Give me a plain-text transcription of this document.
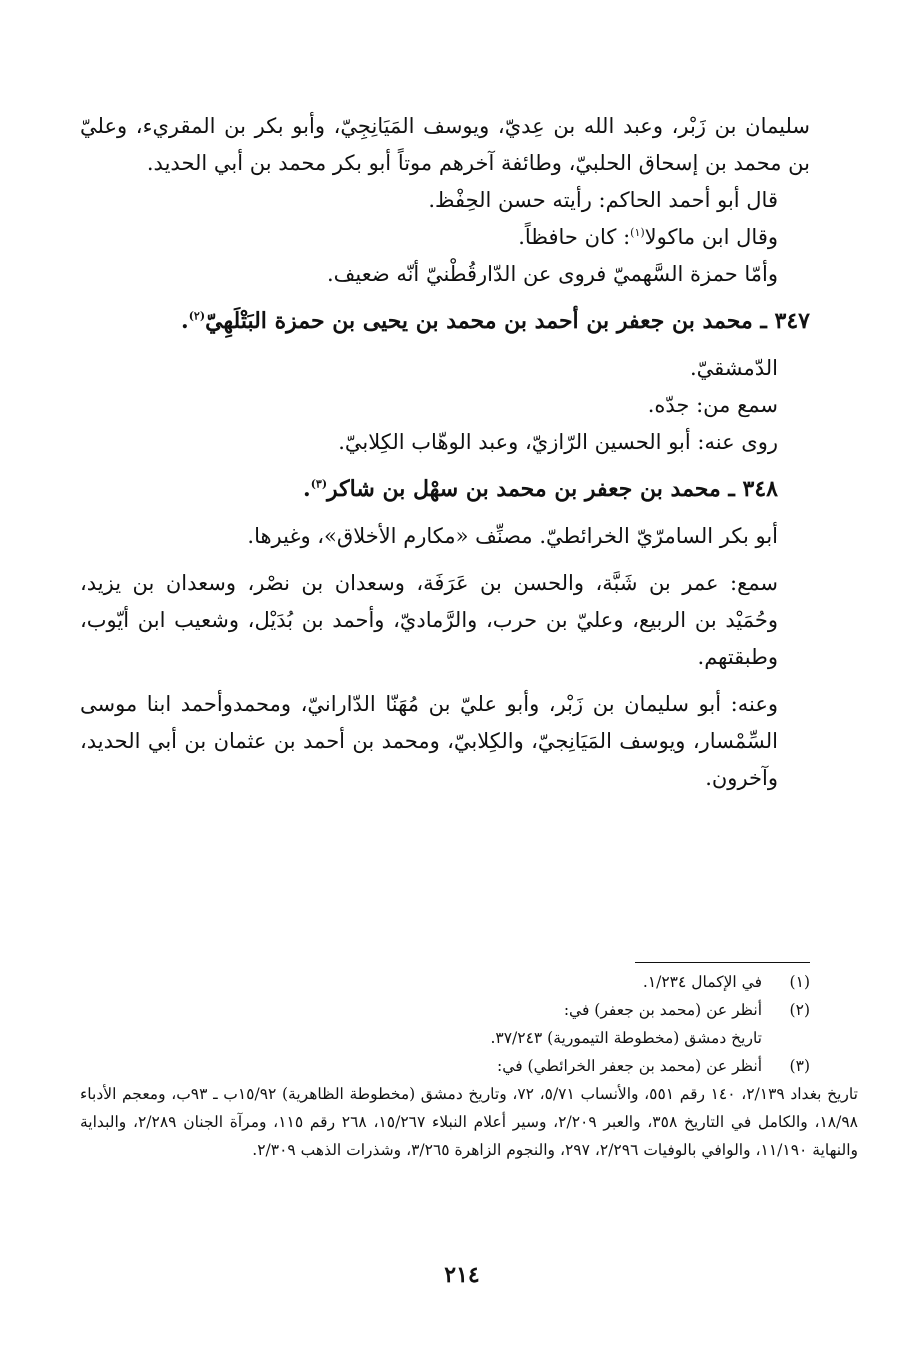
سليمان بن زَبْر، وعبد الله بن عِديّ، ويوسف المَيَانِجِيّ، وأبو بكر بن المقريء، وعليّ بن محمد بن إسحاق الحلبيّ، وطائفة آخرهم موتاً أبو بكر محمد بن أبي الحديد.

قال أبو أحمد الحاكم: رأيته حسن الحِفْظ.

وقال ابن ماكولا$^{(١)}$: كان حافظاً.

وأمّا حمزة السَّهميّ فروى عن الدّارقُطْنيّ أنّه ضعيف.

٣٤٧ ـ محمد بن جعفر بن أحمد بن محمد بن يحيى بن حمزة البَتْلَهِيّ$^{(٢)}$.

الدّمشقيّ.

سمع من: جدّه.

روى عنه: أبو الحسين الرّازيّ، وعبد الوهّاب الكِلابيّ.

٣٤٨ ـ محمد بن جعفر بن محمد بن سهْل بن شاكر$^{(٣)}$.

أبو بكر السامرّيّ الخرائطيّ. مصنِّف «مكارم الأخلاق»، وغيرها.

سمع: عمر بن شَبَّة، والحسن بن عَرَفَة، وسعدان بن نصْر، وسعدان بن يزيد، وحُمَيْد بن الربيع، وعليّ بن حرب، والرَّماديّ، وأحمد بن بُدَيْل، وشعيب ابن أيّوب، وطبقتهم.

وعنه: أبو سليمان بن زَبْر، وأبو عليّ بن مُهَنّا الدّارانيّ، ومحمدوأحمد ابنا موسى السِّمْسار، ويوسف المَيَانِجيّ، والكِلابيّ، ومحمد بن أحمد بن عثمان بن أبي الحديد، وآخرون.

(١)

في الإكمال ١/٢٣٤.

(٢)

أنظر عن (محمد بن جعفر) في:

تاريخ دمشق (مخطوطة التيمورية) ٣٧/٢٤٣.

(٣)

أنظر عن (محمد بن جعفر الخرائطي) في:

تاريخ بغداد ٢/١٣٩، ١٤٠ رقم ٥٥١، والأنساب ٥/٧١، ٧٢، وتاريخ دمشق (مخطوطة الظاهرية) ١٥/٩٢ب ـ ٩٣ب، ومعجم الأدباء ١٨/٩٨، والكامل في التاريخ ٣٥٨، والعبر ٢/٢٠٩، وسير أعلام النبلاء ١٥/٢٦٧، ٢٦٨ رقم ١١٥، ومرآة الجنان ٢/٢٨٩، والبداية والنهاية ١١/١٩٠، والوافي بالوفيات ٢/٢٩٦، ٢٩٧، والنجوم الزاهرة ٣/٢٦٥، وشذرات الذهب ٢/٣٠٩.

٢١٤
